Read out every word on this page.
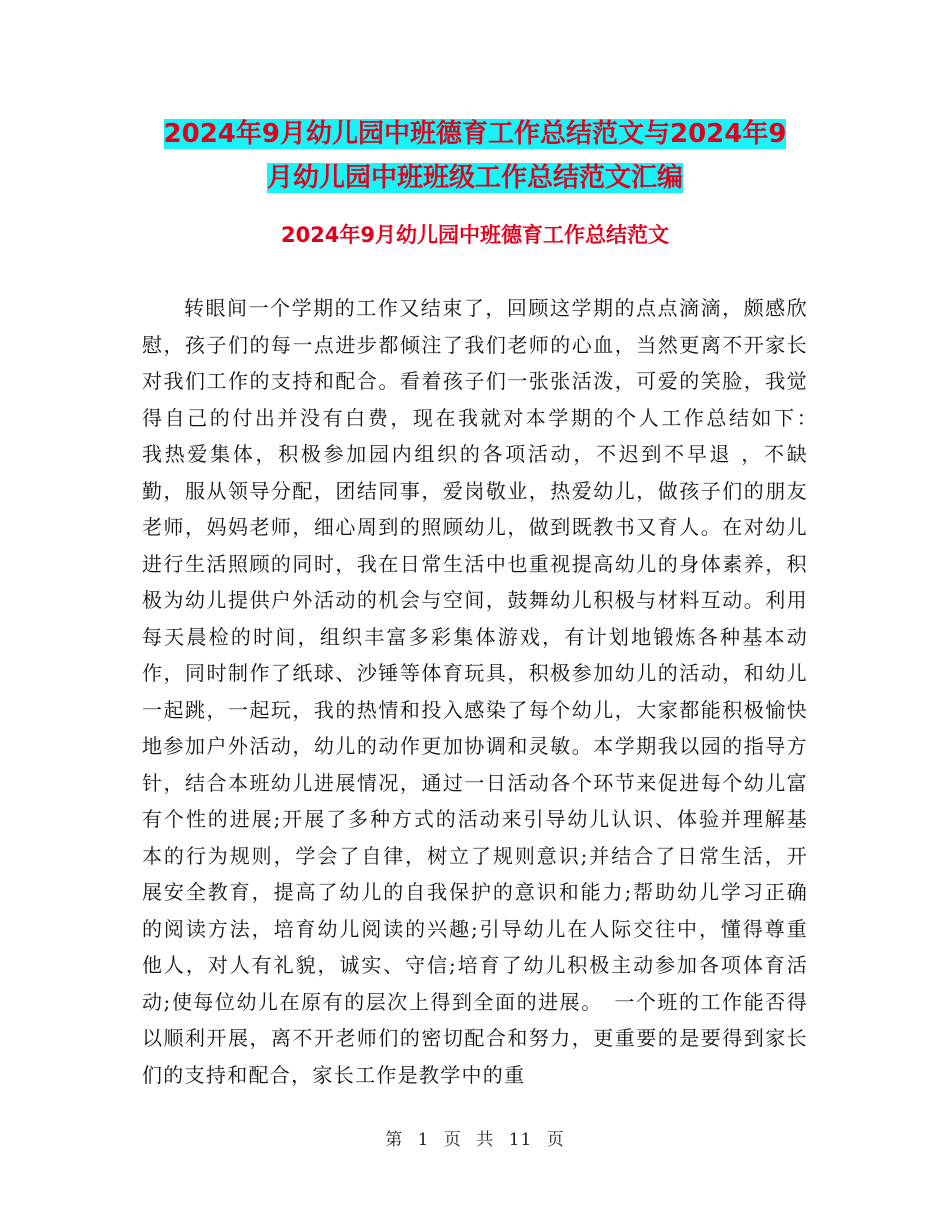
2024年9月幼儿园中班德育工作总结范文与2024年9
月幼儿园中班班级工作总结范文汇编
2024年9月幼儿园中班德育工作总结范文

转眼间一个学期的工作又结束了，回顾这学期的点点滴滴，颇感欣慰，孩子们的每一点进步都倾注了我们老师的心血，当然更离不开家长对我们工作的支持和配合。看着孩子们一张张活泼，可爱的笑脸，我觉得自己的付出并没有白费，现在我就对本学期的个人工作总结如下：　我热爱集体，积极参加园内组织的各项活动，不迟到不早退 ，不缺勤，服从领导分配，团结同事，爱岗敬业，热爱幼儿，做孩子们的朋友老师，妈妈老师，细心周到的照顾幼儿，做到既教书又育人。在对幼儿进行生活照顾的同时，我在日常生活中也重视提高幼儿的身体素养，积极为幼儿提供户外活动的机会与空间，鼓舞幼儿积极与材料互动。利用每天晨检的时间，组织丰富多彩集体游戏，有计划地锻炼各种基本动作，同时制作了纸球、沙锤等体育玩具，积极参加幼儿的活动，和幼儿一起跳，一起玩，我的热情和投入感染了每个幼儿，大家都能积极愉快地参加户外活动，幼儿的动作更加协调和灵敏。本学期我以园的指导方针，结合本班幼儿进展情况，通过一日活动各个环节来促进每个幼儿富有个性的进展;开展了多种方式的活动来引导幼儿认识、体验并理解基本的行为规则，学会了自律，树立了规则意识;并结合了日常生活，开展安全教育，提高了幼儿的自我保护的意识和能力;帮助幼儿学习正确的阅读方法，培育幼儿阅读的兴趣;引导幼儿在人际交往中，懂得尊重他人，对人有礼貌，诚实、守信;培育了幼儿积极主动参加各项体育活动;使每位幼儿在原有的层次上得到全面的进展。　一个班的工作能否得以顺利开展，离不开老师们的密切配合和努力，更重要的是要得到家长们的支持和配合，家长工作是教学中的重

第 1 页 共 11 页
